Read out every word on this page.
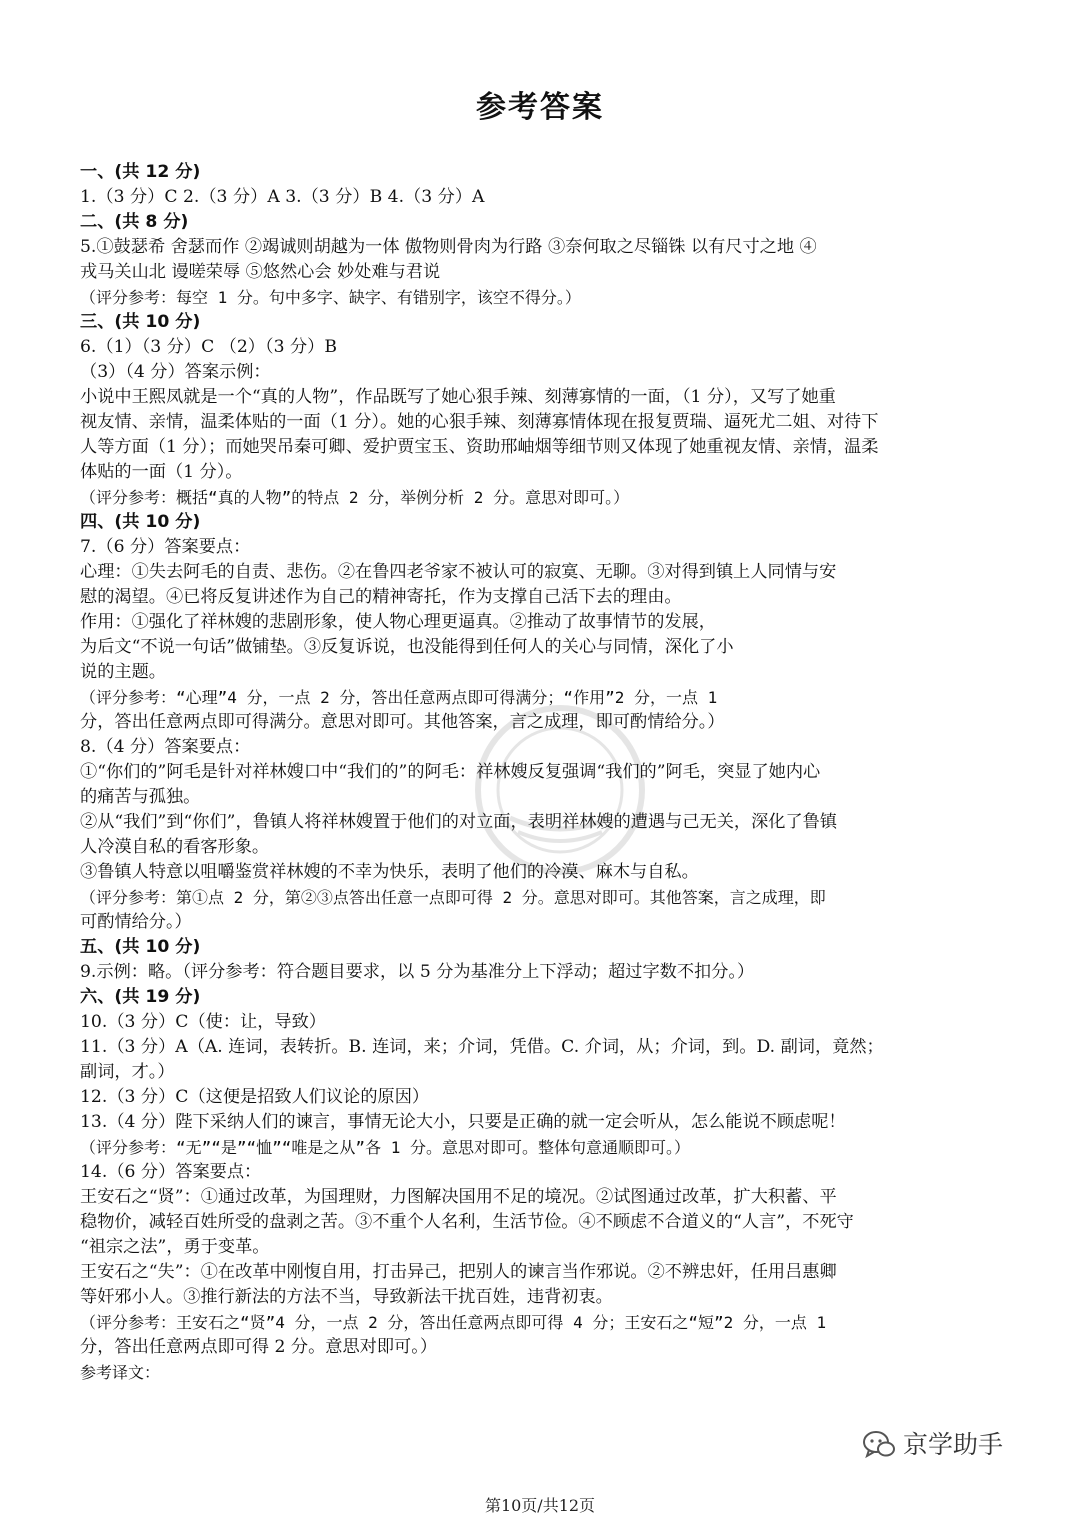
参考答案
一、(共 12 分)
1.（3 分）C 2.（3 分）A 3.（3 分）B 4.（3 分）A
二、(共 8 分)
5.①鼓瑟希 舍瑟而作 ②竭诚则胡越为一体 傲物则骨肉为行路 ③奈何取之尽锱铢 以有尺寸之地 ④
戎马关山北 谩嗟荣辱 ⑤悠然心会 妙处难与君说
（评分参考：每空 1 分。句中多字、缺字、有错别字，该空不得分。）
三、(共 10 分)
6.（1）（3 分）C （2）（3 分）B
（3）（4 分）答案示例：
小说中王熙凤就是一个“真的人物”，作品既写了她心狠手辣、刻薄寡情的一面，（1 分），又写了她重
视友情、亲情，温柔体贴的一面（1 分）。她的心狠手辣、刻薄寡情体现在报复贾瑞、逼死尤二姐、对待下
人等方面（1 分）；而她哭吊秦可卿、爱护贾宝玉、资助邢岫烟等细节则又体现了她重视友情、亲情，温柔
体贴的一面（1 分）。
（评分参考：概括“真的人物”的特点 2 分，举例分析 2 分。意思对即可。）
四、(共 10 分)
7.（6 分）答案要点：
心理：①失去阿毛的自责、悲伤。②在鲁四老爷家不被认可的寂寞、无聊。③对得到镇上人同情与安
慰的渴望。④已将反复讲述作为自己的精神寄托，作为支撑自己活下去的理由。
作用：①强化了祥林嫂的悲剧形象，使人物心理更逼真。②推动了故事情节的发展，
为后文“不说一句话”做铺垫。③反复诉说，也没能得到任何人的关心与同情，深化了小
说的主题。
（评分参考：“心理”4 分，一点 2 分，答出任意两点即可得满分；“作用”2 分，一点 1
分，答出任意两点即可得满分。意思对即可。其他答案，言之成理，即可酌情给分。）
8.（4 分）答案要点：
①“你们的”阿毛是针对祥林嫂口中“我们的”的阿毛：祥林嫂反复强调“我们的”阿毛，突显了她内心
的痛苦与孤独。
②从“我们”到“你们”，鲁镇人将祥林嫂置于他们的对立面，表明祥林嫂的遭遇与己无关，深化了鲁镇
人冷漠自私的看客形象。
③鲁镇人特意以咀嚼鉴赏祥林嫂的不幸为快乐，表明了他们的冷漠、麻木与自私。
（评分参考：第①点 2 分，第②③点答出任意一点即可得 2 分。意思对即可。其他答案，言之成理，即
可酌情给分。）
五、(共 10 分)
9.示例：略。（评分参考：符合题目要求，以 5 分为基准分上下浮动；超过字数不扣分。）
六、(共 19 分)
10.（3 分）C（使：让，导致）
11.（3 分）A（A. 连词，表转折。B. 连词，来；介词，凭借。C. 介词，从；介词，到。D. 副词，竟然；
副词，才。）
12.（3 分）C（这便是招致人们议论的原因）
13.（4 分）陛下采纳人们的谏言，事情无论大小，只要是正确的就一定会听从，怎么能说不顾虑呢！
（评分参考：“无”“是”“恤”“唯是之从”各 1 分。意思对即可。整体句意通顺即可。）
14.（6 分）答案要点：
王安石之“贤”：①通过改革，为国理财，力图解决国用不足的境况。②试图通过改革，扩大积蓄、平
稳物价，减轻百姓所受的盘剥之苦。③不重个人名利，生活节俭。④不顾虑不合道义的“人言”，不死守
“祖宗之法”，勇于变革。
王安石之“失”：①在改革中刚愎自用，打击异己，把别人的谏言当作邪说。②不辨忠奸，任用吕惠卿
等奸邪小人。③推行新法的方法不当，导致新法干扰百姓，违背初衷。
（评分参考：王安石之“贤”4 分，一点 2 分，答出任意两点即可得 4 分；王安石之“短”2 分，一点 1
分，答出任意两点即可得 2 分。意思对即可。）
参考译文：
京学助手
第10页/共12页
